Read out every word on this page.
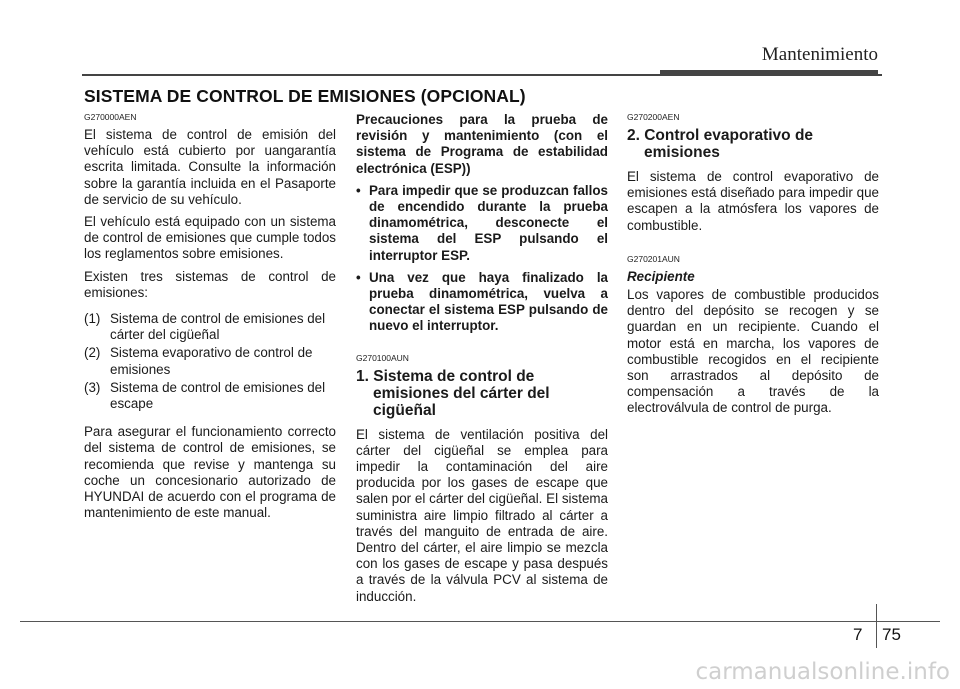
Mantenimiento
SISTEMA DE CONTROL DE EMISIONES (OPCIONAL)
G270000AEN

El sistema de control de emisión del vehículo está cubierto por uangarantía escrita limitada. Consulte la información sobre la garantía incluida en el Pasaporte de servicio de su vehículo.

El vehículo está equipado con un sistema de control de emisiones que cumple todos los reglamentos sobre emisiones.

Existen tres sistemas de control de emisiones:

(1) Sistema de control de emisiones del cárter del cigüeñal
(2) Sistema evaporativo de control de emisiones
(3) Sistema de control de emisiones del escape

Para asegurar el funcionamiento correcto del sistema de control de emisiones, se recomienda que revise y mantenga su coche un concesionario autorizado de HYUNDAI de acuerdo con el programa de mantenimiento de este manual.

Precauciones para la prueba de revisión y mantenimiento (con el sistema de Programa de estabilidad electrónica (ESP))

• Para impedir que se produzcan fallos de encendido durante la prueba dinamométrica, desconecte el sistema del ESP pulsando el interruptor ESP.
• Una vez que haya finalizado la prueba dinamométrica, vuelva a conectar el sistema ESP pulsando de nuevo el interruptor.
G270100AUN
1. Sistema de control de
emisiones del cárter del
cigüeñal

El sistema de ventilación positiva del cárter del cigüeñal se emplea para impedir la contaminación del aire producida por los gases de escape que salen por el cárter del cigüeñal. El sistema suministra aire limpio filtrado al cárter a través del manguito de entrada de aire. Dentro del cárter, el aire limpio se mezcla con los gases de escape y pasa después a través de la válvula PCV al sistema de inducción.

G270200AEN
2. Control evaporativo de
emisiones

El sistema de control evaporativo de emisiones está diseñado para impedir que escapen a la atmósfera los vapores de combustible.

G270201AUN
Recipiente

Los vapores de combustible producidos dentro del depósito se recogen y se guardan en un recipiente. Cuando el motor está en marcha, los vapores de combustible recogidos en el recipiente son arrastrados al depósito de compensación a través de la electroválvula de control de purga.

7 75
carmanualsonline.info
